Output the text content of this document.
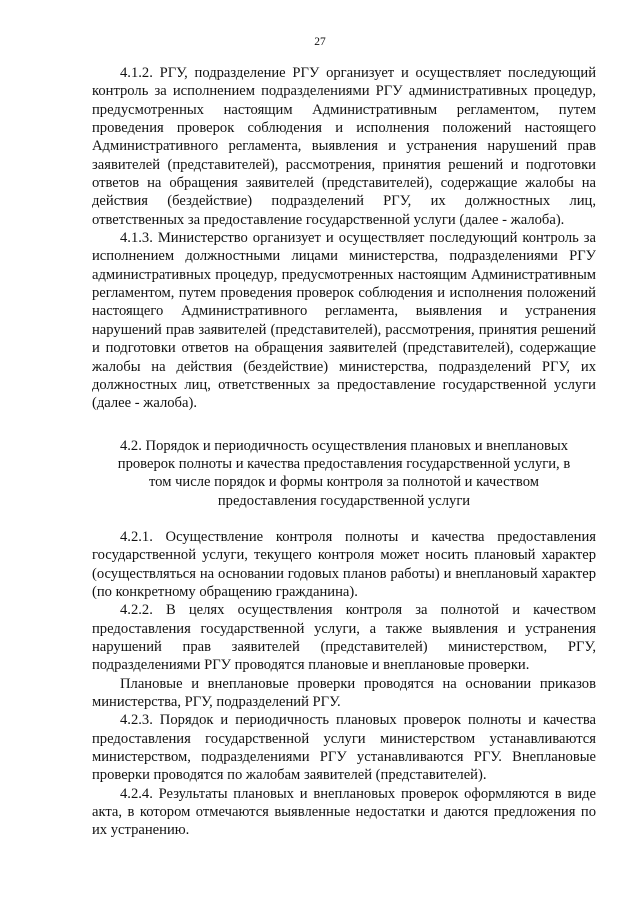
27

4.1.2. РГУ, подразделение РГУ организует и осуществляет последующий контроль за исполнением подразделениями РГУ административных процедур, предусмотренных настоящим Административным регламентом, путем проведения проверок соблюдения и исполнения положений настоящего Административного регламента, выявления и устранения нарушений прав заявителей (представителей), рассмотрения, принятия решений и подготовки ответов на обращения заявителей (представителей), содержащие жалобы на действия (бездействие) подразделений РГУ, их должностных лиц, ответственных за предоставление государственной услуги (далее - жалоба).

4.1.3. Министерство организует и осуществляет последующий контроль за исполнением должностными лицами министерства, подразделениями РГУ административных процедур, предусмотренных настоящим Административным регламентом, путем проведения проверок соблюдения и исполнения положений настоящего Административного регламента, выявления и устранения нарушений прав заявителей (представителей), рассмотрения, принятия решений и подготовки ответов на обращения заявителей (представителей), содержащие жалобы на действия (бездействие) министерства, подразделений РГУ, их должностных лиц, ответственных за предоставление государственной услуги (далее - жалоба).

4.2. Порядок и периодичность осуществления плановых и внеплановых проверок полноты и качества предоставления государственной услуги, в том числе порядок и формы контроля за полнотой и качеством предоставления государственной услуги

4.2.1. Осуществление контроля полноты и качества предоставления государственной услуги, текущего контроля может носить плановый характер (осуществляться на основании годовых планов работы) и внеплановый характер (по конкретному обращению гражданина).

4.2.2. В целях осуществления контроля за полнотой и качеством предоставления государственной услуги, а также выявления и устранения нарушений прав заявителей (представителей) министерством, РГУ, подразделениями РГУ проводятся плановые и внеплановые проверки.

Плановые и внеплановые проверки проводятся на основании приказов министерства, РГУ, подразделений РГУ.

4.2.3. Порядок и периодичность плановых проверок полноты и качества предоставления государственной услуги министерством устанавливаются министерством, подразделениями РГУ устанавливаются РГУ. Внеплановые проверки проводятся по жалобам заявителей (представителей).

4.2.4. Результаты плановых и внеплановых проверок оформляются в виде акта, в котором отмечаются выявленные недостатки и даются предложения по их устранению.
